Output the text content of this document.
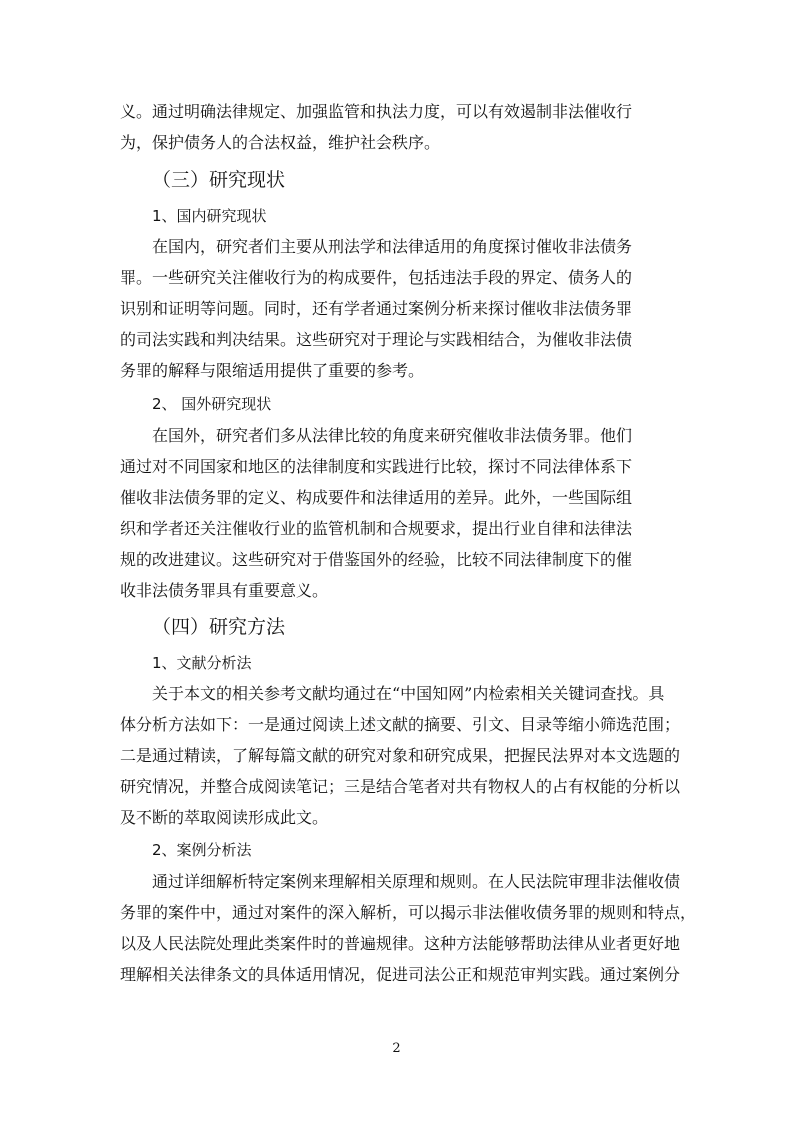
义。通过明确法律规定、加强监管和执法力度，可以有效遏制非法催收行
为，保护债务人的合法权益，维护社会秩序。
（三）研究现状
1、国内研究现状
在国内，研究者们主要从刑法学和法律适用的角度探讨催收非法债务
罪。一些研究关注催收行为的构成要件，包括违法手段的界定、债务人的
识别和证明等问题。同时，还有学者通过案例分析来探讨催收非法债务罪
的司法实践和判决结果。这些研究对于理论与实践相结合，为催收非法债
务罪的解释与限缩适用提供了重要的参考。
2、 国外研究现状
在国外，研究者们多从法律比较的角度来研究催收非法债务罪。他们
通过对不同国家和地区的法律制度和实践进行比较，探讨不同法律体系下
催收非法债务罪的定义、构成要件和法律适用的差异。此外，一些国际组
织和学者还关注催收行业的监管机制和合规要求，提出行业自律和法律法
规的改进建议。这些研究对于借鉴国外的经验，比较不同法律制度下的催
收非法债务罪具有重要意义。
（四）研究方法
1、文献分析法
关于本文的相关参考文献均通过在“中国知网”内检索相关关键词查找。具
体分析方法如下：一是通过阅读上述文献的摘要、引文、目录等缩小筛选范围；
二是通过精读，了解每篇文献的研究对象和研究成果，把握民法界对本文选题的
研究情况，并整合成阅读笔记；三是结合笔者对共有物权人的占有权能的分析以
及不断的萃取阅读形成此文。
2、案例分析法
通过详细解析特定案例来理解相关原理和规则。在人民法院审理非法催收债
务罪的案件中，通过对案件的深入解析，可以揭示非法催收债务罪的规则和特点，
以及人民法院处理此类案件时的普遍规律。这种方法能够帮助法律从业者更好地
理解相关法律条文的具体适用情况，促进司法公正和规范审判实践。通过案例分
2
